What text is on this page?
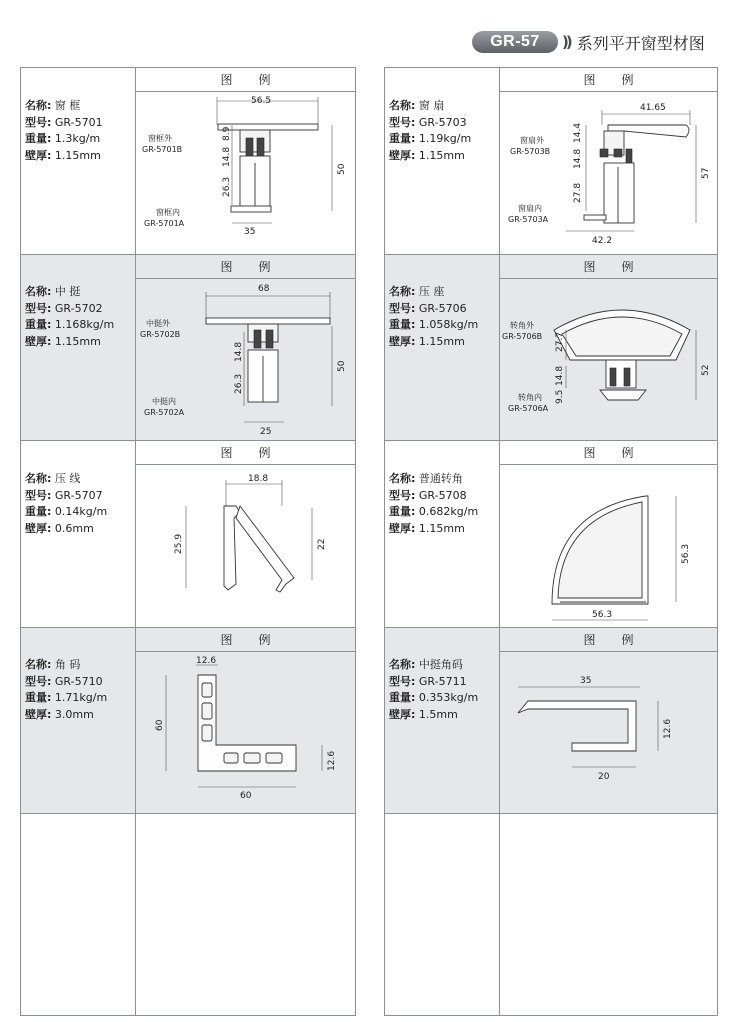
GR-57	)) 系列平开窗型材图
名称: 窗 框
型号: GR-5701
重量: 1.3kg/m
壁厚: 1.15mm
图例
56.5
8.9
14.8
26.3
50
35
窗框外
GR-5701B
窗框内
GR-5701A
名称: 中 挺
型号: GR-5702
重量: 1.168kg/m
壁厚: 1.15mm
图例
68
14.8
26.3
50
25
中挺外
GR-5702B
中挺内
GR-5702A
名称: 压 线
型号: GR-5707
重量: 0.14kg/m
壁厚: 0.6mm
图例
18.8
25.9	22
名称: 角 码
型号: GR-5710
重量: 1.71kg/m
壁厚: 3.0mm
图例
12.6
60
60
12.6
名称: 窗 扇
型号: GR-5703
重量: 1.19kg/m
壁厚: 1.15mm
图例
41.65
14.4
14.8
27.8
57
42.2
窗扇外
GR-5703B
窗扇内
GR-5703A
名称: 压 座
型号: GR-5706
重量: 1.058kg/m
壁厚: 1.15mm
图例
27.7
14.8
9.5
52
转角外
GR-5706B
转角内
GR-5706A
名称: 普通转角
型号: GR-5708
重量: 0.682kg/m
壁厚: 1.15mm
图例
56.3
56.3
名称: 中挺角码
型号: GR-5711
重量: 0.353kg/m
壁厚: 1.5mm
图例
35
12.6
20
